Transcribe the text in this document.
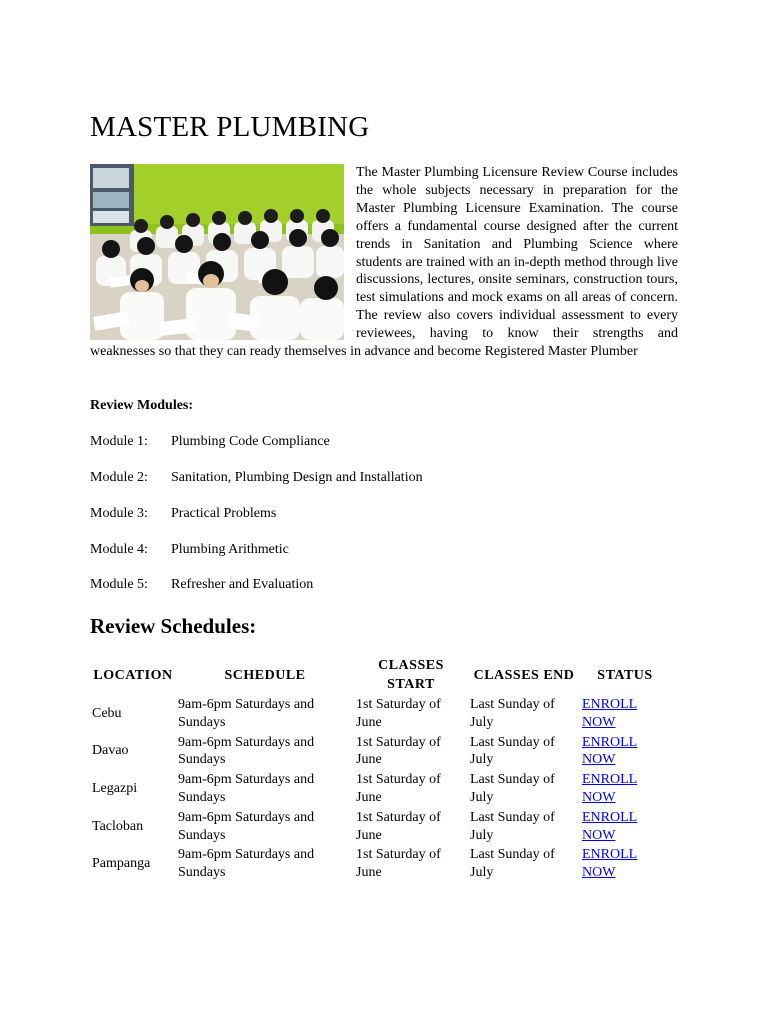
MASTER PLUMBING
The Master Plumbing Licensure Review Course includes the whole subjects necessary in preparation for the Master Plumbing Licensure Examination. The course offers a fundamental course designed after the current trends in Sanitation and Plumbing Science where students are trained with an in-depth method through live discussions, lectures, onsite seminars, construction tours, test simulations and mock exams on all areas of concern. The review also covers individual assessment to every reviewees, having to know their strengths and weaknesses so that they can ready themselves in advance and become Registered Master Plumber
Review Modules:
Module 1: Plumbing Code Compliance
Module 2: Sanitation, Plumbing Design and Installation
Module 3: Practical Problems
Module 4: Plumbing Arithmetic
Module 5: Refresher and Evaluation
Review Schedules:
LOCATION	SCHEDULE	CLASSES START	CLASSES END	STATUS
Cebu	9am-6pm Saturdays and Sundays	1st Saturday of June	Last Sunday of July	ENROLL NOW
Davao	9am-6pm Saturdays and Sundays	1st Saturday of June	Last Sunday of July	ENROLL NOW
Legazpi	9am-6pm Saturdays and Sundays	1st Saturday of June	Last Sunday of July	ENROLL NOW
Tacloban	9am-6pm Saturdays and Sundays	1st Saturday of June	Last Sunday of July	ENROLL NOW
Pampanga	9am-6pm Saturdays and Sundays	1st Saturday of June	Last Sunday of July	ENROLL NOW
